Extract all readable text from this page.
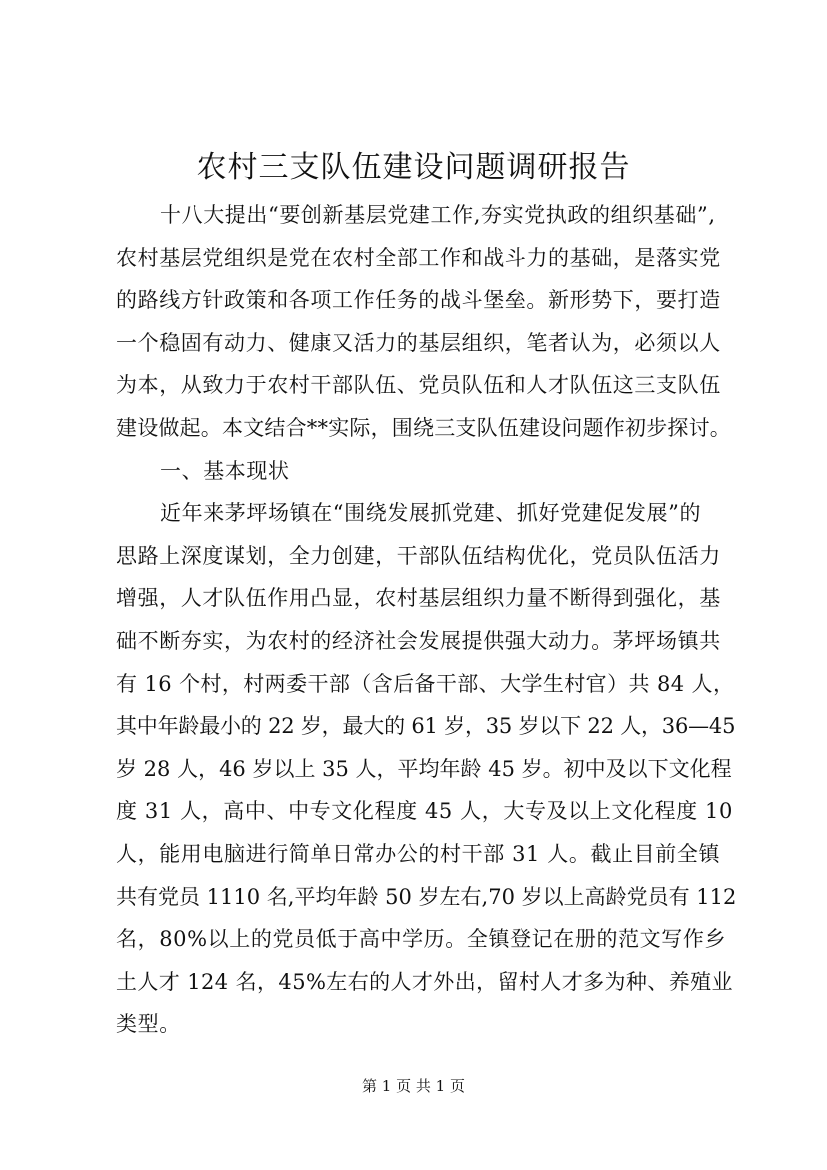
农村三支队伍建设问题调研报告
十八大提出“要创新基层党建工作,夯实党执政的组织基础”,
农村基层党组织是党在农村全部工作和战斗力的基础，是落实党
的路线方针政策和各项工作任务的战斗堡垒。新形势下，要打造
一个稳固有动力、健康又活力的基层组织，笔者认为，必须以人
为本，从致力于农村干部队伍、党员队伍和人才队伍这三支队伍
建设做起。本文结合**实际，围绕三支队伍建设问题作初步探讨。
一、基本现状
近年来茅坪场镇在“围绕发展抓党建、抓好党建促发展”的
思路上深度谋划，全力创建，干部队伍结构优化，党员队伍活力
增强，人才队伍作用凸显，农村基层组织力量不断得到强化，基
础不断夯实，为农村的经济社会发展提供强大动力。茅坪场镇共
有 16 个村，村两委干部（含后备干部、大学生村官）共 84 人，
其中年龄最小的 22 岁，最大的 61 岁，35 岁以下 22 人，36—45
岁 28 人，46 岁以上 35 人，平均年龄 45 岁。初中及以下文化程
度 31 人，高中、中专文化程度 45 人，大专及以上文化程度 10
人，能用电脑进行简单日常办公的村干部 31 人。截止目前全镇
共有党员 1110 名,平均年龄 50 岁左右,70 岁以上高龄党员有 112
名，80%以上的党员低于高中学历。全镇登记在册的范文写作乡
土人才 124 名，45%左右的人才外出，留村人才多为种、养殖业
类型。
第 1 页 共 1 页
